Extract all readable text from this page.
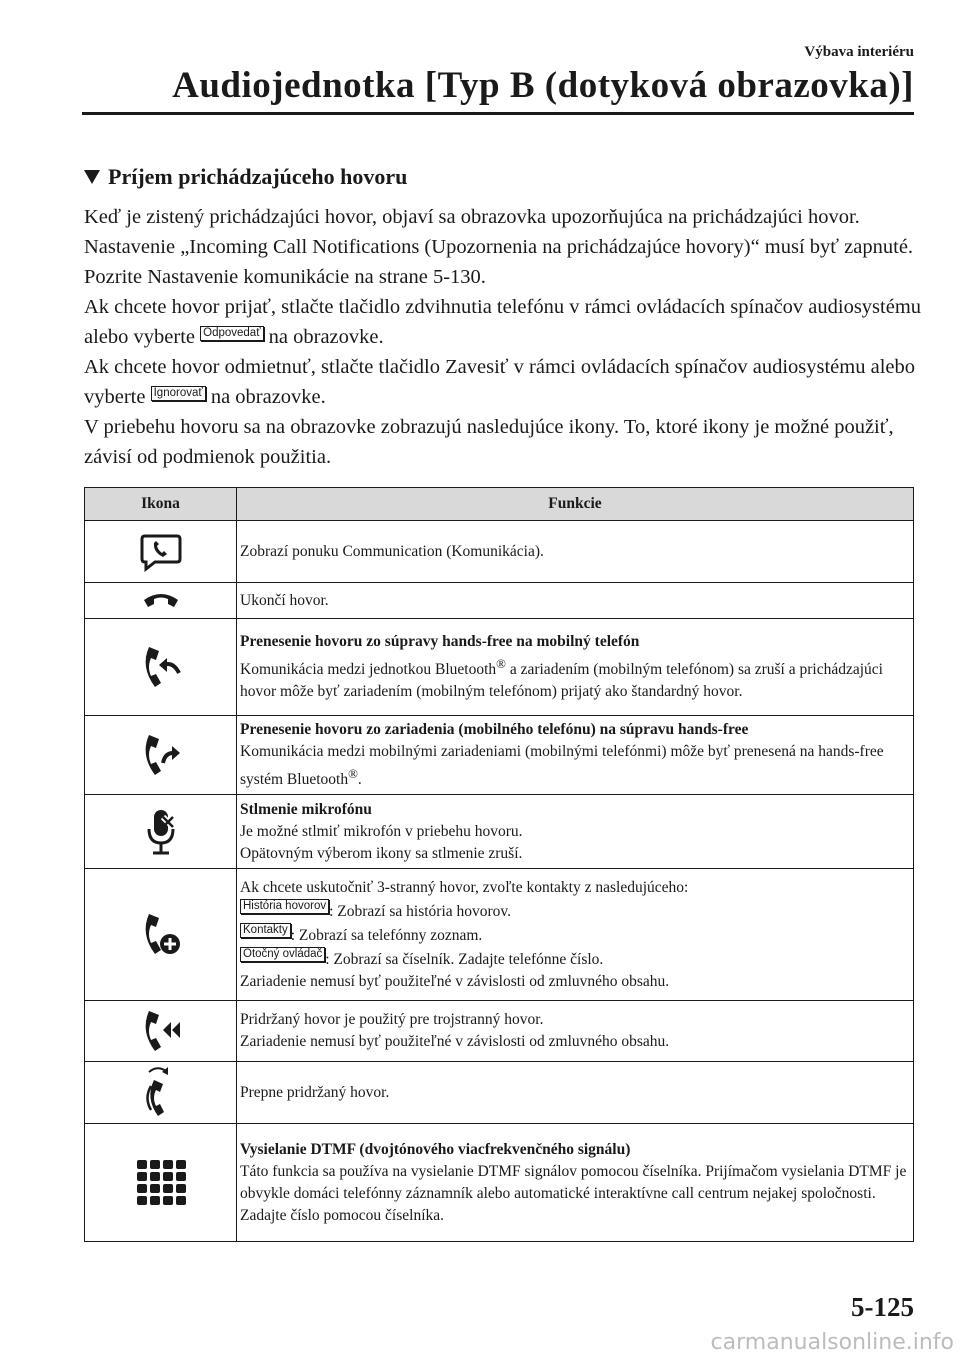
Výbava interiéru
Audiojednotka [Typ B (dotyková obrazovka)]
Príjem prichádzajúceho hovoru

Keď je zistený prichádzajúci hovor, objaví sa obrazovka upozorňujúca na prichádzajúci hovor. Nastavenie „Incoming Call Notifications (Upozornenia na prichádzajúce hovory)“ musí byť zapnuté.

Pozrite Nastavenie komunikácie na strane 5-130.

Ak chcete hovor prijať, stlačte tlačidlo zdvihnutia telefónu v rámci ovládacích spínačov audiosystému alebo vyberte Odpovedať na obrazovke.

Ak chcete hovor odmietnuť, stlačte tlačidlo Zavesiť v rámci ovládacích spínačov audiosystému alebo vyberte Ignorovať na obrazovke.

V priebehu hovoru sa na obrazovke zobrazujú nasledujúce ikony. To, ktoré ikony je možné použiť, závisí od podmienok použitia.

Ikona	Funkcie

	Zobrazí ponuku Communication (Komunikácia).

	Ukončí hovor.

Prenesenie hovoru zo súpravy hands-free na mobilný telefón
Komunikácia medzi jednotkou Bluetooth® a zariadením (mobilným telefónom) sa zruší a prichádzajúci hovor môže byť zariadením (mobilným telefónom) prijatý ako štandardný hovor.

Prenesenie hovoru zo zariadenia (mobilného telefónu) na súpravu hands-free
Komunikácia medzi mobilnými zariadeniami (mobilnými telefónmi) môže byť prenesená na hands-free systém Bluetooth®.

Stlmenie mikrofónu
Je možné stlmiť mikrofón v priebehu hovoru.
Opätovným výberom ikony sa stlmenie zruší.

Ak chcete uskutočniť 3-stranný hovor, zvoľte kontakty z nasledujúceho:
História hovorov : Zobrazí sa história hovorov.
Kontakty : Zobrazí sa telefónny zoznam.
Otočný ovládač : Zobrazí sa číselník. Zadajte telefónne číslo.
Zariadenie nemusí byť použiteľné v závislosti od zmluvného obsahu.

Pridržaný hovor je použitý pre trojstranný hovor.
Zariadenie nemusí byť použiteľné v závislosti od zmluvného obsahu.

	Prepne pridržaný hovor.

Vysielanie DTMF (dvojtónového viacfrekvenčného signálu)
Táto funkcia sa používa na vysielanie DTMF signálov pomocou číselníka. Prijímačom vysielania DTMF je obvykle domáci telefónny záznamník alebo automatické interaktívne call centrum nejakej spoločnosti.
Zadajte číslo pomocou číselníka.
5-125
carmanualsonline.info
